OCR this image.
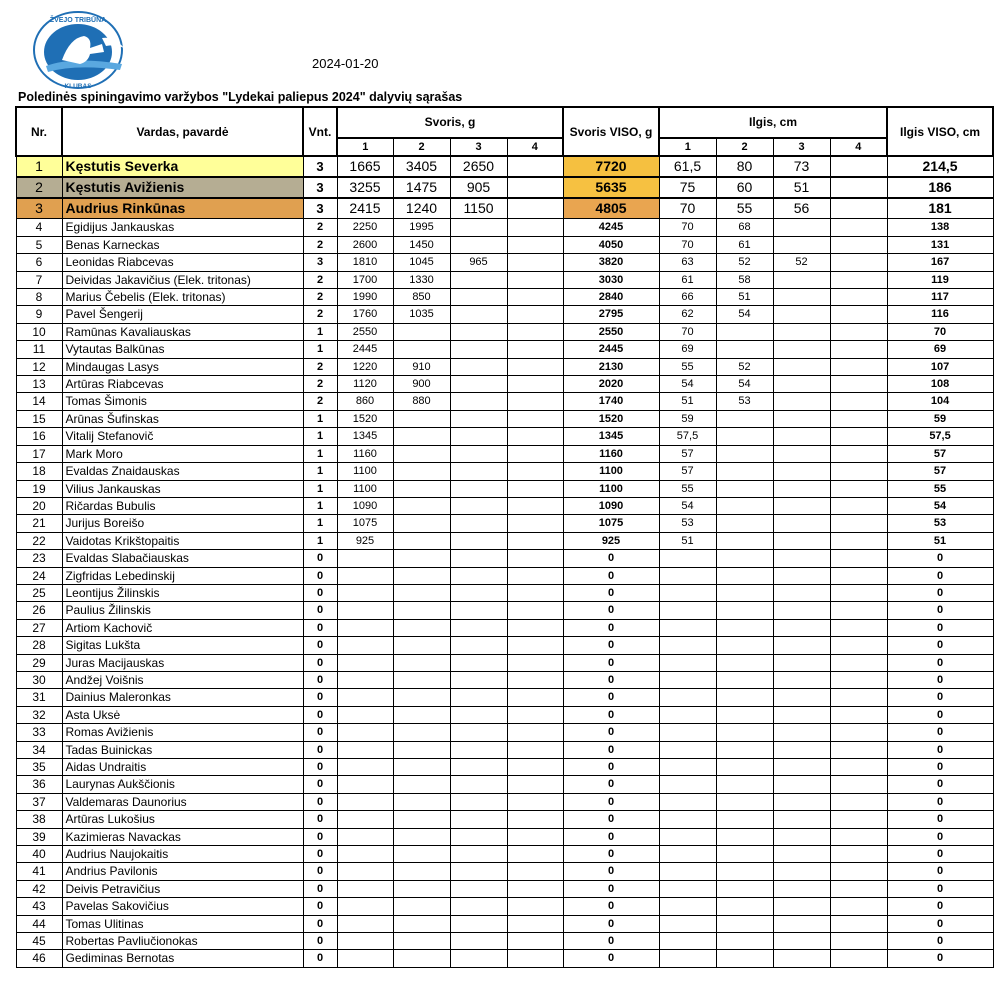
ŽVEJO TRIBŪNA
KLUBAS
2024-01-20
Poledinės spiningavimo varžybos "Lydekai paliepus 2024" dalyvių sąrašas
Nr.	Vardas, pavardė	Vnt.	Svoris, g				Svoris VISO, g	Ilgis, cm				Ilgis VISO, cm
			1	2	3	4		1	2	3	4	
1	Kęstutis Severka	3	1665	3405	2650		7720	61,5	80	73		214,5
2	Kęstutis Avižienis	3	3255	1475	905		5635	75	60	51		186
3	Audrius Rinkūnas	3	2415	1240	1150		4805	70	55	56		181
4	Egidijus Jankauskas	2	2250	1995			4245	70	68			138
5	Benas Karneckas	2	2600	1450			4050	70	61			131
6	Leonidas Riabcevas	3	1810	1045	965		3820	63	52	52		167
7	Deividas Jakavičius (Elek. tritonas)	2	1700	1330			3030	61	58			119
8	Marius Čebelis (Elek. tritonas)	2	1990	850			2840	66	51			117
9	Pavel Šengerij	2	1760	1035			2795	62	54			116
10	Ramūnas Kavaliauskas	1	2550				2550	70				70
11	Vytautas Balkūnas	1	2445				2445	69				69
12	Mindaugas Lasys	2	1220	910			2130	55	52			107
13	Artūras Riabcevas	2	1120	900			2020	54	54			108
14	Tomas Šimonis	2	860	880			1740	51	53			104
15	Arūnas Šufinskas	1	1520				1520	59				59
16	Vitalij Stefanovič	1	1345				1345	57,5				57,5
17	Mark Moro	1	1160				1160	57				57
18	Evaldas Znaidauskas	1	1100				1100	57				57
19	Vilius Jankauskas	1	1100				1100	55				55
20	Ričardas Bubulis	1	1090				1090	54				54
21	Jurijus Boreišo	1	1075				1075	53				53
22	Vaidotas Krikštopaitis	1	925				925	51				51
23	Evaldas Slabačiauskas	0					0					0
24	Zigfridas Lebedinskij	0					0					0
25	Leontijus Žilinskis	0					0					0
26	Paulius Žilinskis	0					0					0
27	Artiom Kachovič	0					0					0
28	Sigitas Lukšta	0					0					0
29	Juras Macijauskas	0					0					0
30	Andžej Voišnis	0					0					0
31	Dainius Maleronkas	0					0					0
32	Asta Uksė	0					0					0
33	Romas Avižienis	0					0					0
34	Tadas Buinickas	0					0					0
35	Aidas Undraitis	0					0					0
36	Laurynas Aukščionis	0					0					0
37	Valdemaras Daunorius	0					0					0
38	Artūras Lukošius	0					0					0
39	Kazimieras Navackas	0					0					0
40	Audrius Naujokaitis	0					0					0
41	Andrius Pavilonis	0					0					0
42	Deivis Petravičius	0					0					0
43	Pavelas Sakovičius	0					0					0
44	Tomas Ulitinas	0					0					0
45	Robertas Pavliučionokas	0					0					0
46	Gediminas Bernotas	0					0					0
